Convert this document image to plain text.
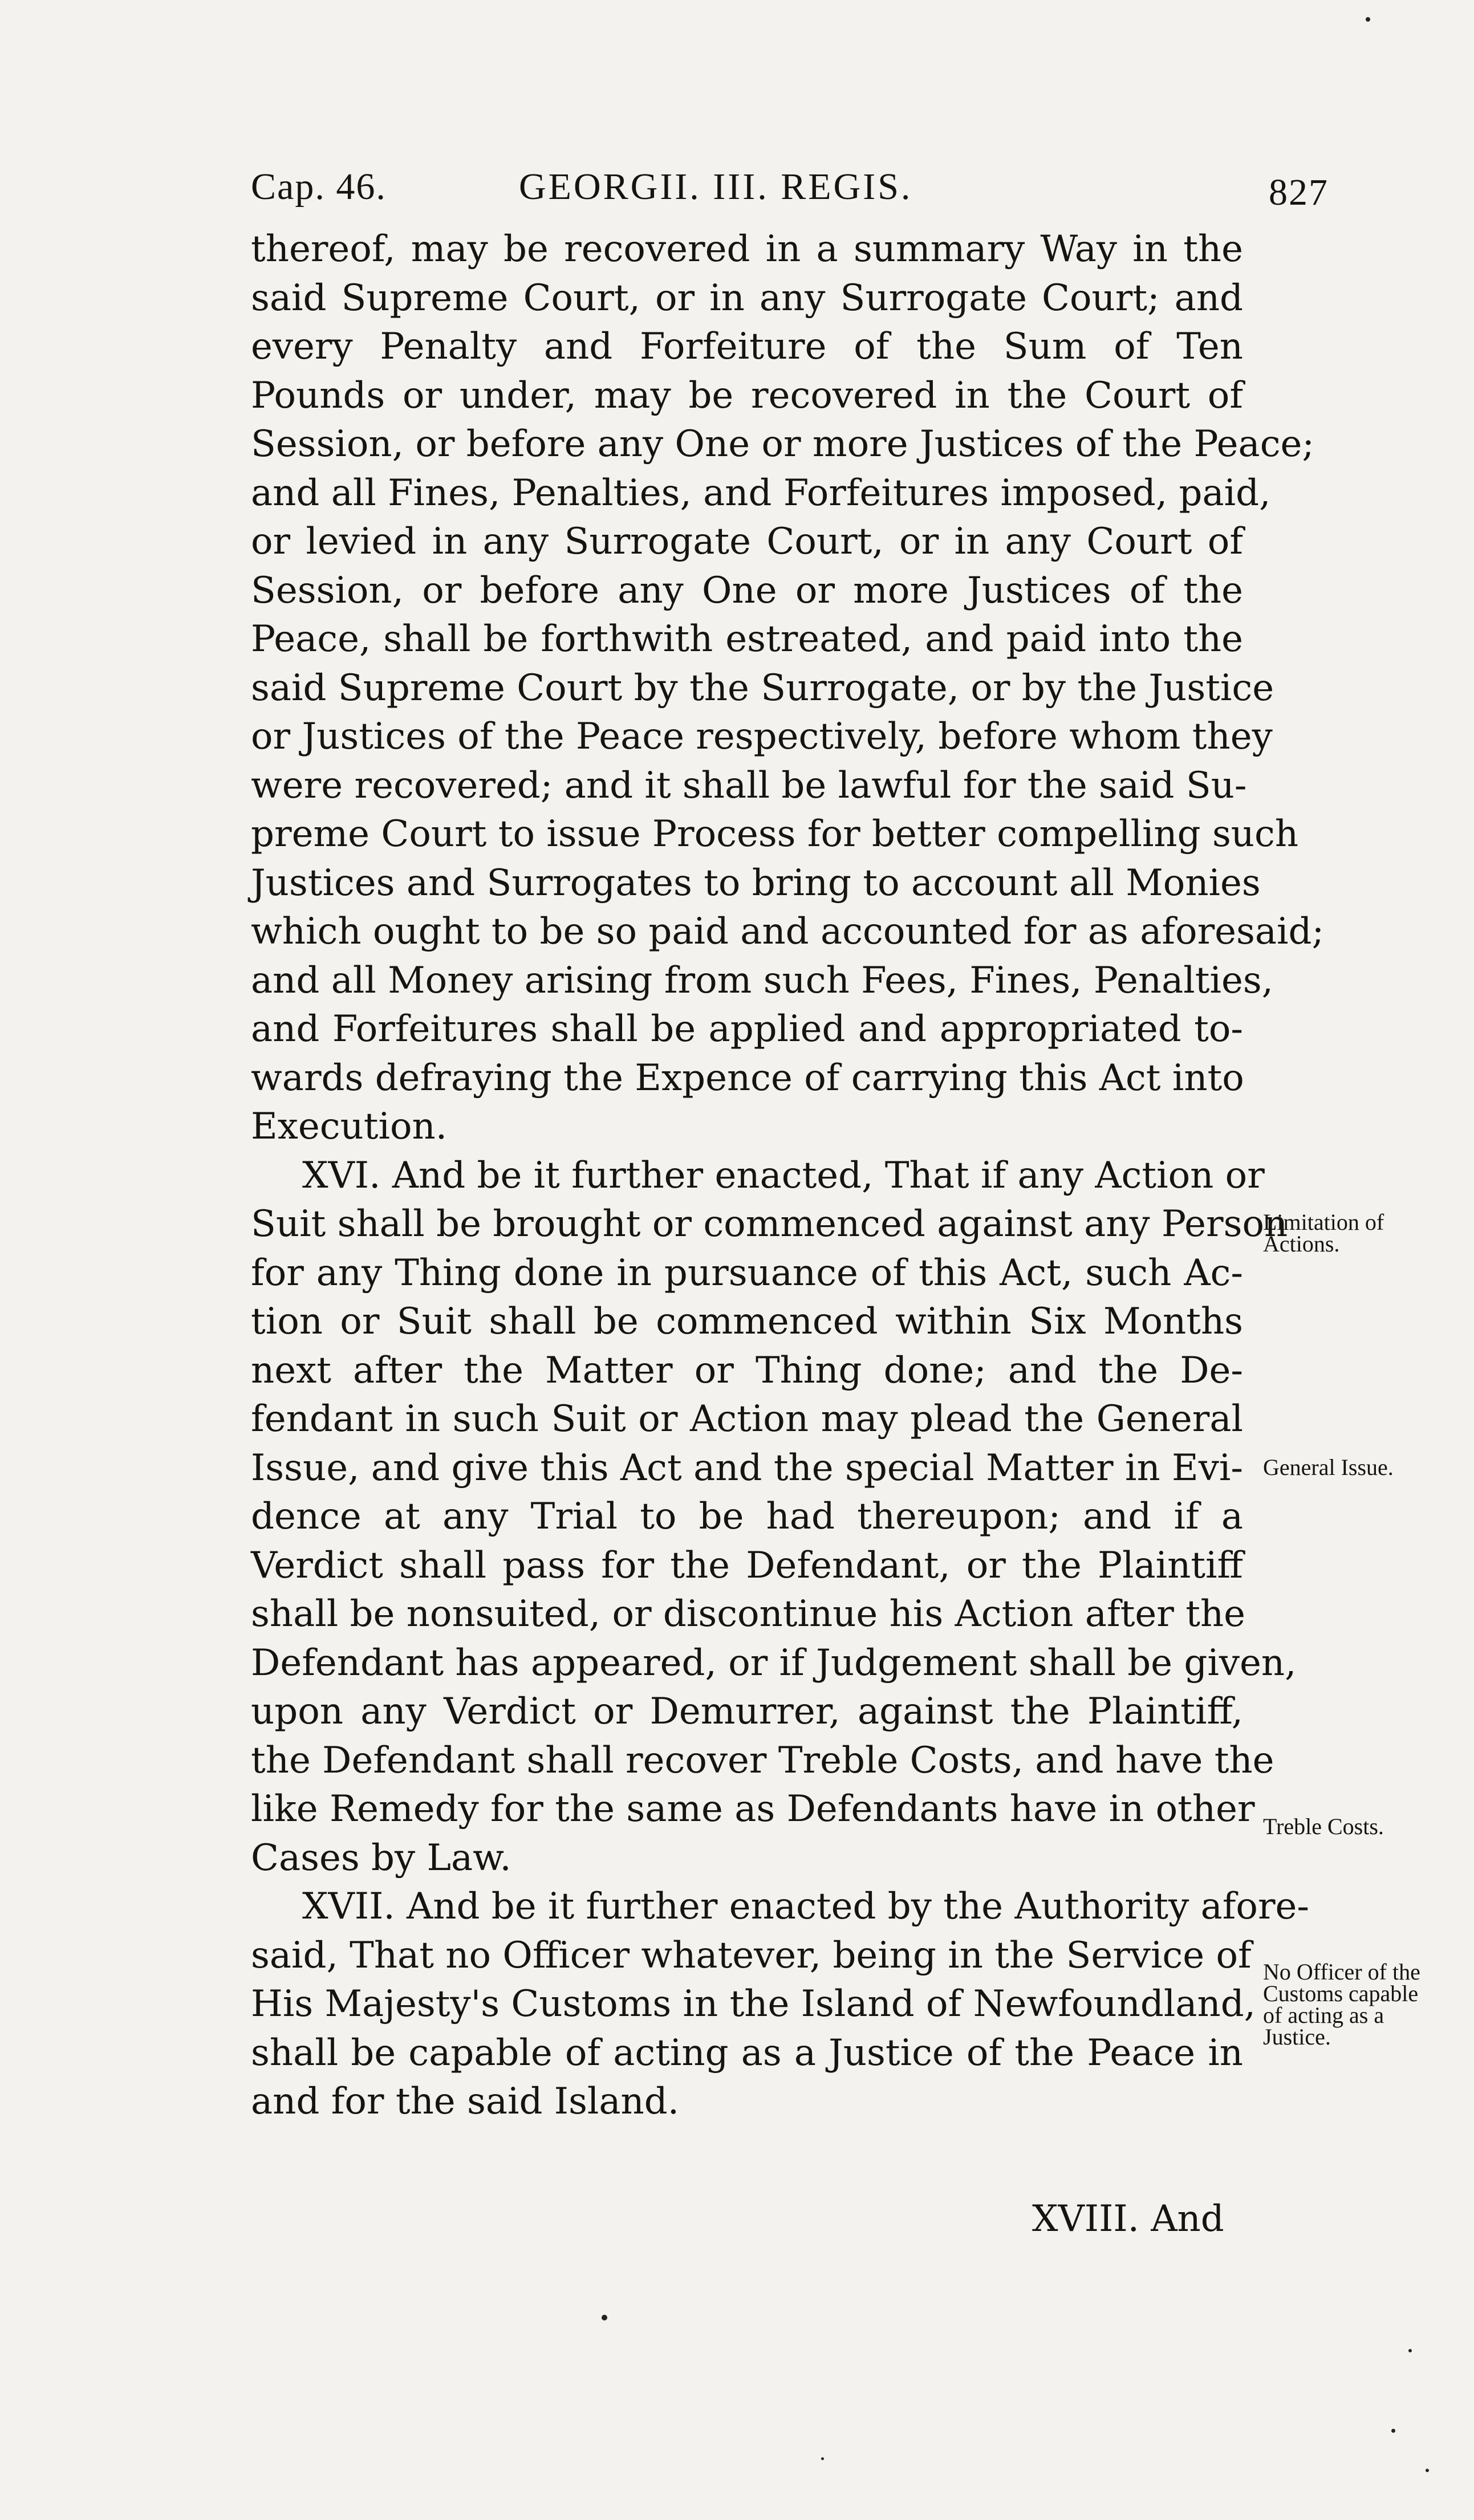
Cap. 46.	GEORGII. III. REGIS.	827
thereof, may be recovered in a summary Way in the
said Supreme Court, or in any Surrogate Court; and
every Penalty and Forfeiture of the Sum of Ten
Pounds or under, may be recovered in the Court of
Session, or before any One or more Justices of the Peace;
and all Fines, Penalties, and Forfeitures imposed, paid,
or levied in any Surrogate Court, or in any Court of
Session, or before any One or more Justices of the
Peace, shall be forthwith estreated, and paid into the
said Supreme Court by the Surrogate, or by the Justice
or Justices of the Peace respectively, before whom they
were recovered; and it shall be lawful for the said Su-
preme Court to issue Process for better compelling such
Justices and Surrogates to bring to account all Monies
which ought to be so paid and accounted for as aforesaid;
and all Money arising from such Fees, Fines, Penalties,
and Forfeitures shall be applied and appropriated to-
wards defraying the Expence of carrying this Act into
Execution.
XVI. And be it further enacted, That if any Action or
Suit shall be brought or commenced against any Person
for any Thing done in pursuance of this Act, such Ac-
tion or Suit shall be commenced within Six Months
next after the Matter or Thing done; and the De-
fendant in such Suit or Action may plead the General
Issue, and give this Act and the special Matter in Evi-
dence at any Trial to be had thereupon; and if a
Verdict shall pass for the Defendant, or the Plaintiff
shall be nonsuited, or discontinue his Action after the
Defendant has appeared, or if Judgement shall be given,
upon any Verdict or Demurrer, against the Plaintiff,
the Defendant shall recover Treble Costs, and have the
like Remedy for the same as Defendants have in other
Cases by Law.
XVII. And be it further enacted by the Authority afore-
said, That no Officer whatever, being in the Service of
His Majesty's Customs in the Island of Newfoundland,
shall be capable of acting as a Justice of the Peace in
and for the said Island.
Limitation of Actions.
General Issue.
Treble Costs.
No Officer of the Customs capable of acting as a Justice.
XVIII. And
